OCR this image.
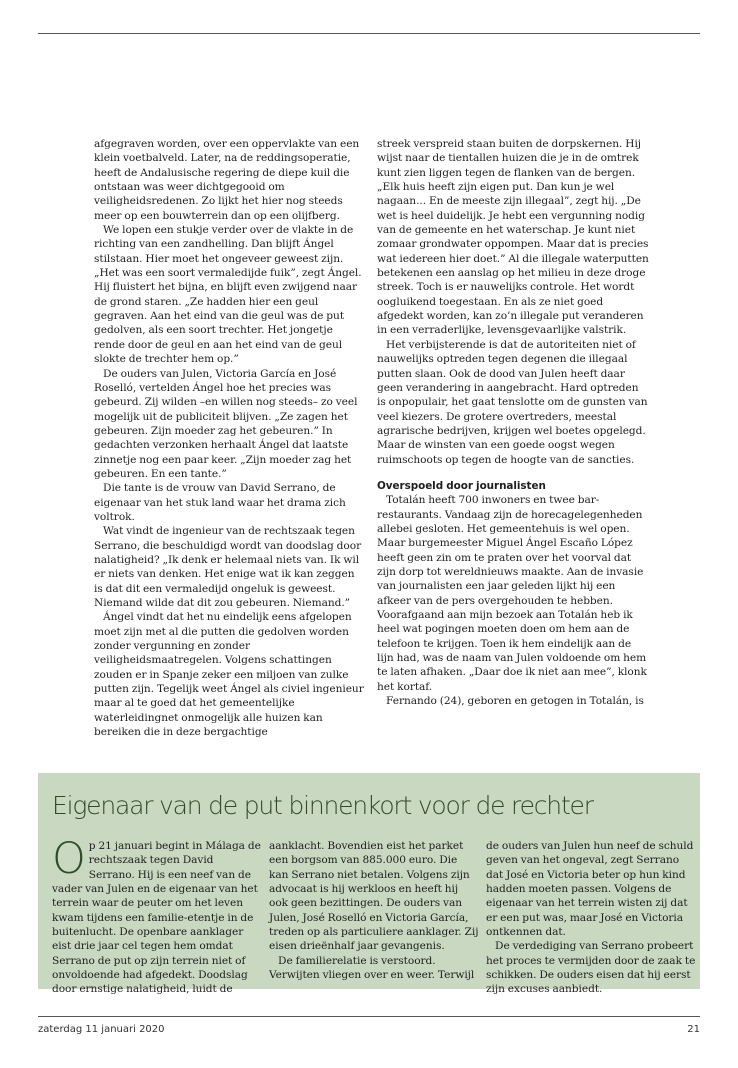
afgegraven worden, over een oppervlakte van een klein voetbalveld. Later, na de reddingsoperatie, heeft de Andalusische regering de diepe kuil die ontstaan was weer dichtgegooid om veiligheidsredenen. Zo lijkt het hier nog steeds meer op een bouwterrein dan op een olijfberg.

We lopen een stukje verder over de vlakte in de richting van een zandhelling. Dan blijft Ángel stilstaan. Hier moet het ongeveer geweest zijn. „Het was een soort vermaledijde fuik”, zegt Ángel. Hij fluistert het bijna, en blijft even zwijgend naar de grond staren. „Ze hadden hier een geul gegraven. Aan het eind van die geul was de put gedolven, als een soort trechter. Het jongetje rende door de geul en aan het eind van de geul slokte de trechter hem op.”

De ouders van Julen, Victoria García en José Roselló, vertelden Ángel hoe het precies was gebeurd. Zij wilden –en willen nog steeds– zo veel mogelijk uit de publiciteit blijven. „Ze zagen het gebeuren. Zijn moeder zag het gebeuren.” In gedachten verzonken herhaalt Ángel dat laatste zinnetje nog een paar keer. „Zijn moeder zag het gebeuren. En een tante.”

Die tante is de vrouw van David Serrano, de eigenaar van het stuk land waar het drama zich voltrok.

Wat vindt de ingenieur van de rechtszaak tegen Serrano, die beschuldigd wordt van doodslag door nalatigheid? „Ik denk er helemaal niets van. Ik wil er niets van denken. Het enige wat ik kan zeggen is dat dit een vermaledijd ongeluk is geweest. Niemand wilde dat dit zou gebeuren. Niemand.”

Ángel vindt dat het nu eindelijk eens afgelopen moet zijn met al die putten die gedolven worden zonder vergunning en zonder veiligheidsmaatregelen. Volgens schattingen zouden er in Spanje zeker een miljoen van zulke putten zijn. Tegelijk weet Ángel als civiel ingenieur maar al te goed dat het gemeentelijke waterleidingnet onmogelijk alle huizen kan bereiken die in deze bergachtige

streek verspreid staan buiten de dorpskernen. Hij wijst naar de tientallen huizen die je in de omtrek kunt zien liggen tegen de flanken van de bergen. „Elk huis heeft zijn eigen put. Dan kun je wel nagaan... En de meeste zijn illegaal”, zegt hij. „De wet is heel duidelijk. Je hebt een vergunning nodig van de gemeente en het waterschap. Je kunt niet zomaar grondwater oppompen. Maar dat is precies wat iedereen hier doet.” Al die illegale waterputten betekenen een aanslag op het milieu in deze droge streek. Toch is er nauwelijks controle. Het wordt oogluikend toegestaan. En als ze niet goed afgedekt worden, kan zo’n illegale put veranderen in een verraderlijke, levensgevaarlijke valstrik.

Het verbijsterende is dat de autoriteiten niet of nauwelijks optreden tegen degenen die illegaal putten slaan. Ook de dood van Julen heeft daar geen verandering in aangebracht. Hard optreden is onpopulair, het gaat tenslotte om de gunsten van veel kiezers. De grotere overtreders, meestal agrarische bedrijven, krijgen wel boetes opgelegd. Maar de winsten van een goede oogst wegen ruimschoots op tegen de hoogte van de sancties.

Overspoeld door journalisten

Totalán heeft 700 inwoners en twee bar-restaurants. Vandaag zijn de horecagelegenheden allebei gesloten. Het gemeentehuis is wel open. Maar burgemeester Miguel Ángel Escaño López heeft geen zin om te praten over het voorval dat zijn dorp tot wereldnieuws maakte. Aan de invasie van journalisten een jaar geleden lijkt hij een afkeer van de pers overgehouden te hebben. Voorafgaand aan mijn bezoek aan Totalán heb ik heel wat pogingen moeten doen om hem aan de telefoon te krijgen. Toen ik hem eindelijk aan de lijn had, was de naam van Julen voldoende om hem te laten afhaken. „Daar doe ik niet aan mee”, klonk het kortaf.

Fernando (24), geboren en getogen in Totalán, is

Eigenaar van de put binnenkort voor de rechter

Op 21 januari begint in Málaga de rechtszaak tegen David Serrano. Hij is een neef van de vader van Julen en de eigenaar van het terrein waar de peuter om het leven kwam tijdens een familie-etentje in de buitenlucht. De openbare aanklager eist drie jaar cel tegen hem omdat Serrano de put op zijn terrein niet of onvoldoende had afgedekt. Doodslag door ernstige nalatigheid, luidt de

aanklacht. Bovendien eist het parket een borgsom van 885.000 euro. Die kan Serrano niet betalen. Volgens zijn advocaat is hij werkloos en heeft hij ook geen bezittingen. De ouders van Julen, José Roselló en Victoria García, treden op als particuliere aanklager. Zij eisen drieënhalf jaar gevangenis.

De familierelatie is verstoord. Verwijten vliegen over en weer. Terwijl

de ouders van Julen hun neef de schuld geven van het ongeval, zegt Serrano dat José en Victoria beter op hun kind hadden moeten passen. Volgens de eigenaar van het terrein wisten zij dat er een put was, maar José en Victoria ontkennen dat.

De verdediging van Serrano probeert het proces te vermijden door de zaak te schikken. De ouders eisen dat hij eerst zijn excuses aanbiedt.

zaterdag 11 januari 2020	21
